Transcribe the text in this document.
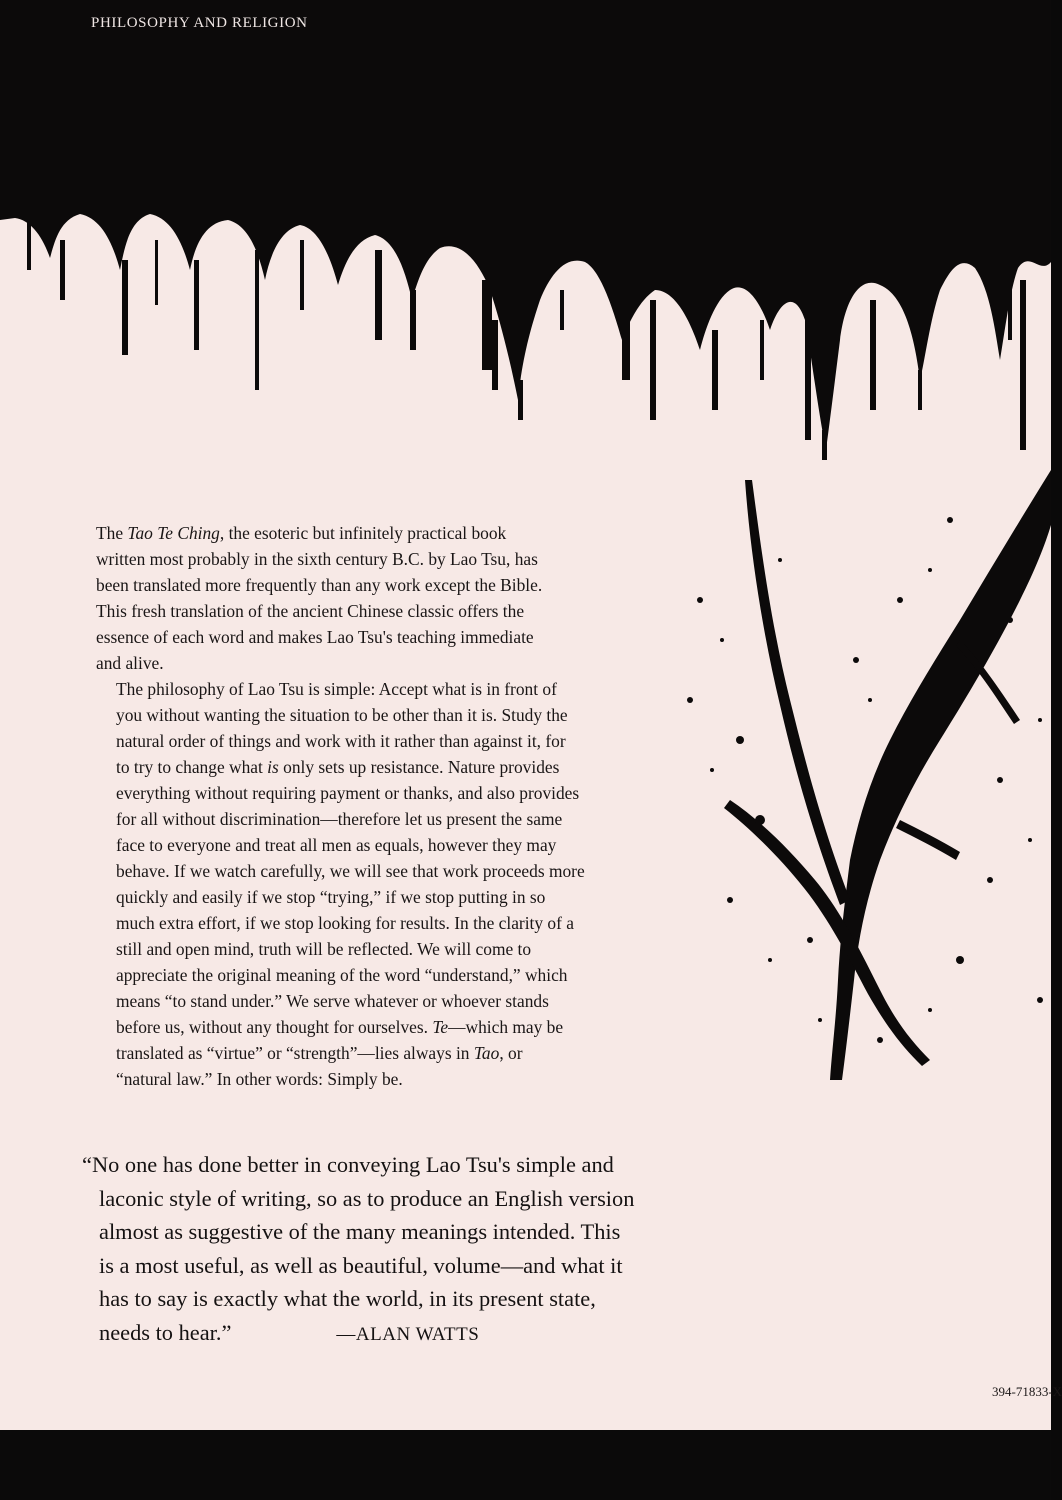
PHILOSOPHY AND RELIGION

The Tao Te Ching, the esoteric but infinitely practical book
written most probably in the sixth century B.C. by Lao Tsu, has
been translated more frequently than any work except the Bible.
This fresh translation of the ancient Chinese classic offers the
essence of each word and makes Lao Tsu's teaching immediate
and alive.

The philosophy of Lao Tsu is simple: Accept what is in front of
you without wanting the situation to be other than it is. Study the
natural order of things and work with it rather than against it, for
to try to change what is only sets up resistance. Nature provides
everything without requiring payment or thanks, and also provides
for all without discrimination—therefore let us present the same
face to everyone and treat all men as equals, however they may
behave. If we watch carefully, we will see that work proceeds more
quickly and easily if we stop “trying,” if we stop putting in so
much extra effort, if we stop looking for results. In the clarity of a
still and open mind, truth will be reflected. We will come to
appreciate the original meaning of the word “understand,” which
means “to stand under.” We serve whatever or whoever stands
before us, without any thought for ourselves. Te—which may be
translated as “virtue” or “strength”—lies always in Tao, or
“natural law.” In other words: Simply be.

“No one has done better in conveying Lao Tsu's simple and
laconic style of writing, so as to produce an English version
almost as suggestive of the many meanings intended. This
is a most useful, as well as beautiful, volume—and what it
has to say is exactly what the world, in its present state,
needs to hear.”	—ALAN WATTS
394-71833-X
